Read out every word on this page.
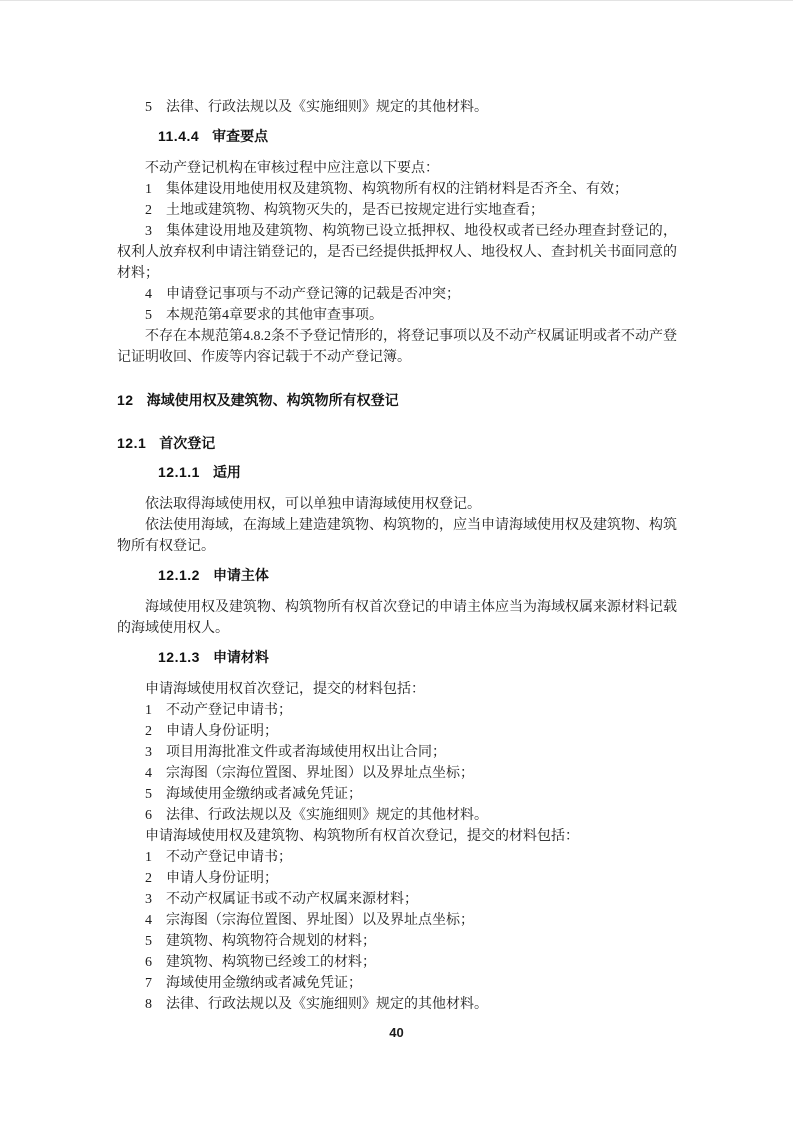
5 法律、行政法规以及《实施细则》规定的其他材料。
11.4.4 审查要点
不动产登记机构在审核过程中应注意以下要点：
1 集体建设用地使用权及建筑物、构筑物所有权的注销材料是否齐全、有效；
2 土地或建筑物、构筑物灭失的，是否已按规定进行实地查看；
3 集体建设用地及建筑物、构筑物已设立抵押权、地役权或者已经办理查封登记的，权利人放弃权利申请注销登记的，是否已经提供抵押权人、地役权人、查封机关书面同意的材料；
4 申请登记事项与不动产登记簿的记载是否冲突；
5 本规范第4章要求的其他审查事项。
不存在本规范第4.8.2条不予登记情形的，将登记事项以及不动产权属证明或者不动产登记证明收回、作废等内容记载于不动产登记簿。
12 海域使用权及建筑物、构筑物所有权登记
12.1 首次登记
12.1.1 适用
依法取得海域使用权，可以单独申请海域使用权登记。
依法使用海域，在海域上建造建筑物、构筑物的，应当申请海域使用权及建筑物、构筑物所有权登记。
12.1.2 申请主体
海域使用权及建筑物、构筑物所有权首次登记的申请主体应当为海域权属来源材料记载的海域使用权人。
12.1.3 申请材料
申请海域使用权首次登记，提交的材料包括：
1 不动产登记申请书；
2 申请人身份证明；
3 项目用海批准文件或者海域使用权出让合同；
4 宗海图（宗海位置图、界址图）以及界址点坐标；
5 海域使用金缴纳或者减免凭证；
6 法律、行政法规以及《实施细则》规定的其他材料。
申请海域使用权及建筑物、构筑物所有权首次登记，提交的材料包括：
1 不动产登记申请书；
2 申请人身份证明；
3 不动产权属证书或不动产权属来源材料；
4 宗海图（宗海位置图、界址图）以及界址点坐标；
5 建筑物、构筑物符合规划的材料；
6 建筑物、构筑物已经竣工的材料；
7 海域使用金缴纳或者减免凭证；
8 法律、行政法规以及《实施细则》规定的其他材料。
40
